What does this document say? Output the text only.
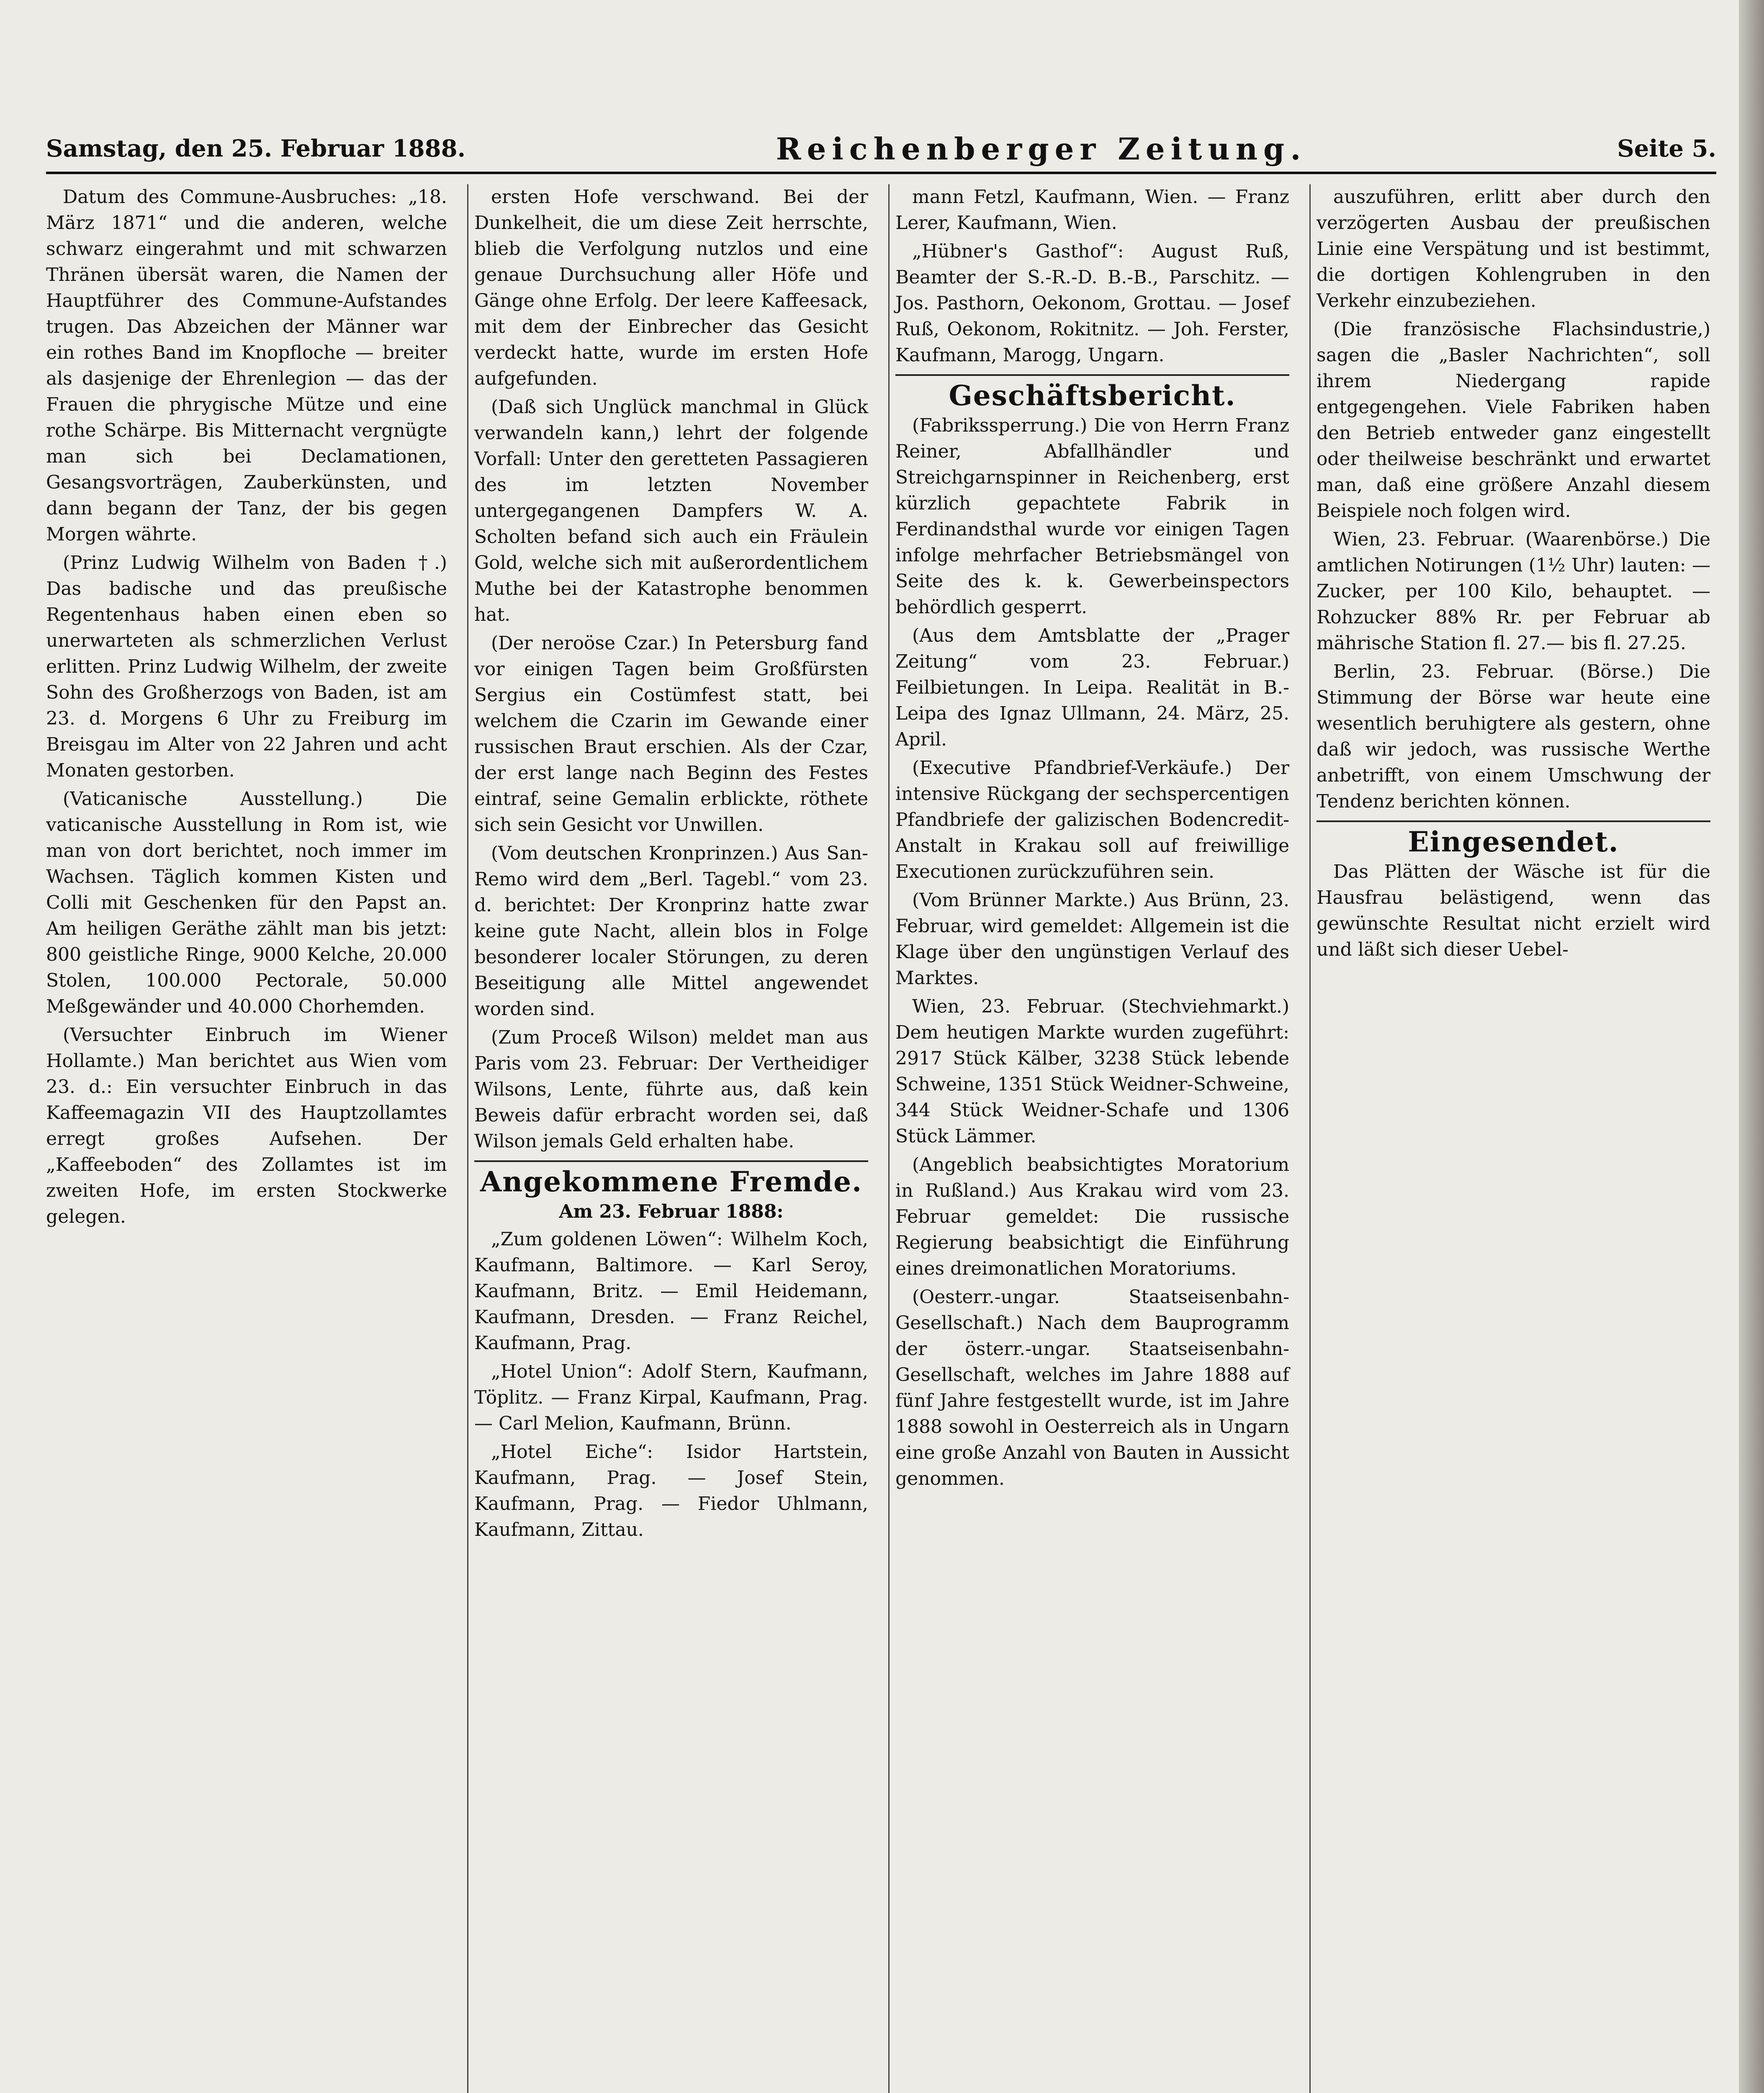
Samstag, den 25. Februar 1888.	Reichenberger Zeitung.	Seite 5.

Datum des Commune-Ausbruches: „18. März 1871“ und die anderen, welche schwarz eingerahmt und mit schwarzen Thränen übersät waren, die Namen der Hauptführer des Commune-Aufstandes trugen. Das Abzeichen der Männer war ein rothes Band im Knopfloche — breiter als dasjenige der Ehrenlegion — das der Frauen die phrygische Mütze und eine rothe Schärpe. Bis Mitternacht vergnügte man sich bei Declamationen, Gesangsvorträgen, Zauberkünsten, und dann begann der Tanz, der bis gegen Morgen währte.

(Prinz Ludwig Wilhelm von Baden †.) Das badische und das preußische Regentenhaus haben einen eben so unerwarteten als schmerzlichen Verlust erlitten. Prinz Ludwig Wilhelm, der zweite Sohn des Großherzogs von Baden, ist am 23. d. Morgens 6 Uhr zu Freiburg im Breisgau im Alter von 22 Jahren und acht Monaten gestorben.

(Vaticanische Ausstellung.) Die vaticanische Ausstellung in Rom ist, wie man von dort berichtet, noch immer im Wachsen. Täglich kommen Kisten und Colli mit Geschenken für den Papst an. Am heiligen Geräthe zählt man bis jetzt: 800 geistliche Ringe, 9000 Kelche, 20.000 Stolen, 100.000 Pectorale, 50.000 Meßgewänder und 40.000 Chorhemden.

(Versuchter Einbruch im Wiener Hollamte.) Man berichtet aus Wien vom 23. d.: Ein versuchter Einbruch in das Kaffeemagazin VII des Hauptzollamtes erregt großes Aufsehen. Der „Kaffeeboden“ des Zollamtes ist im zweiten Hofe, im ersten Stockwerke gelegen.

ersten Hofe verschwand. Bei der Dunkelheit, die um diese Zeit herrschte, blieb die Verfolgung nutzlos und eine genaue Durchsuchung aller Höfe und Gänge ohne Erfolg. Der leere Kaffeesack, mit dem der Einbrecher das Gesicht verdeckt hatte, wurde im ersten Hofe aufgefunden.

(Daß sich Unglück manchmal in Glück verwandeln kann,) lehrt der folgende Vorfall: Unter den geretteten Passagieren des im letzten November untergegangenen Dampfers W. A. Scholten befand sich auch ein Fräulein Gold, welche sich mit außerordentlichem Muthe bei der Katastrophe benommen hat.

(Der neroöse Czar.) In Petersburg fand vor einigen Tagen beim Großfürsten Sergius ein Costümfest statt, bei welchem die Czarin im Gewande einer russischen Braut erschien. Als der Czar, der erst lange nach Beginn des Festes eintraf, seine Gemalin erblickte, röthete sich sein Gesicht vor Unwillen.

(Vom deutschen Kronprinzen.) Aus San-Remo wird dem „Berl. Tagebl.“ vom 23. d. berichtet: Der Kronprinz hatte zwar keine gute Nacht, allein blos in Folge besonderer localer Störungen, zu deren Beseitigung alle Mittel angewendet worden sind.

(Zum Proceß Wilson) meldet man aus Paris vom 23. Februar: Der Vertheidiger Wilsons, Lente, führte aus, daß kein Beweis dafür erbracht worden sei, daß Wilson jemals Geld erhalten habe.

Angekommene Fremde.
Am 23. Februar 1888:

„Zum goldenen Löwen“: Wilhelm Koch, Kaufmann, Baltimore. — Karl Seroy, Kaufmann, Britz. — Emil Heidemann, Kaufmann, Dresden. — Franz Reichel, Kaufmann, Prag.

„Hotel Union“: Adolf Stern, Kaufmann, Töplitz. — Franz Kirpal, Kaufmann, Prag. — Carl Melion, Kaufmann, Brünn.

„Hotel Eiche“: Isidor Hartstein, Kaufmann, Prag. — Josef Stein, Kaufmann, Prag. — Fiedor Uhlmann, Kaufmann, Zittau.

mann Fetzl, Kaufmann, Wien. — Franz Lerer, Kaufmann, Wien.

„Hübner's Gasthof“: August Ruß, Beamter der S.-R.-D. B.-B., Parschitz. — Jos. Pasthorn, Oekonom, Grottau. — Josef Ruß, Oekonom, Rokitnitz. — Joh. Ferster, Kaufmann, Marogg, Ungarn.

Geschäftsbericht.

(Fabrikssperrung.) Die von Herrn Franz Reiner, Abfallhändler und Streichgarnspinner in Reichenberg, erst kürzlich gepachtete Fabrik in Ferdinandsthal wurde vor einigen Tagen infolge mehrfacher Betriebsmängel von Seite des k. k. Gewerbeinspectors behördlich gesperrt.

(Aus dem Amtsblatte der „Prager Zeitung“ vom 23. Februar.) Feilbietungen. In Leipa. Realität in B.-Leipa des Ignaz Ullmann, 24. März, 25. April.

(Executive Pfandbrief-Verkäufe.) Der intensive Rückgang der sechspercentigen Pfandbriefe der galizischen Bodencredit-Anstalt in Krakau soll auf freiwillige Executionen zurückzuführen sein.

(Vom Brünner Markte.) Aus Brünn, 23. Februar, wird gemeldet: Allgemein ist die Klage über den ungünstigen Verlauf des Marktes.

Wien, 23. Februar. (Stechviehmarkt.) Dem heutigen Markte wurden zugeführt: 2917 Stück Kälber, 3238 Stück lebende Schweine, 1351 Stück Weidner-Schweine, 344 Stück Weidner-Schafe und 1306 Stück Lämmer.

(Angeblich beabsichtigtes Moratorium in Rußland.) Aus Krakau wird vom 23. Februar gemeldet: Die russische Regierung beabsichtigt die Einführung eines dreimonatlichen Moratoriums.

(Oesterr.-ungar. Staatseisenbahn-Gesellschaft.) Nach dem Bauprogramm der österr.-ungar. Staatseisenbahn-Gesellschaft, welches im Jahre 1888 auf fünf Jahre festgestellt wurde, ist im Jahre 1888 sowohl in Oesterreich als in Ungarn eine große Anzahl von Bauten in Aussicht genommen.

auszuführen, erlitt aber durch den verzögerten Ausbau der preußischen Linie eine Verspätung und ist bestimmt, die dortigen Kohlengruben in den Verkehr einzubeziehen.

(Die französische Flachsindustrie,) sagen die „Basler Nachrichten“, soll ihrem Niedergang rapide entgegengehen. Viele Fabriken haben den Betrieb entweder ganz eingestellt oder theilweise beschränkt und erwartet man, daß eine größere Anzahl diesem Beispiele noch folgen wird.

Wien, 23. Februar. (Waarenbörse.) Die amtlichen Notirungen (1½ Uhr) lauten: — Zucker, per 100 Kilo, behauptet. — Rohzucker 88% Rr. per Februar ab mährische Station fl. 27.— bis fl. 27.25.

Berlin, 23. Februar. (Börse.) Die Stimmung der Börse war heute eine wesentlich beruhigtere als gestern, ohne daß wir jedoch, was russische Werthe anbetrifft, von einem Umschwung der Tendenz berichten können.

Eingesendet.

Das Plätten der Wäsche ist für die Hausfrau belästigend, wenn das gewünschte Resultat nicht erzielt wird und läßt sich dieser Uebel-
